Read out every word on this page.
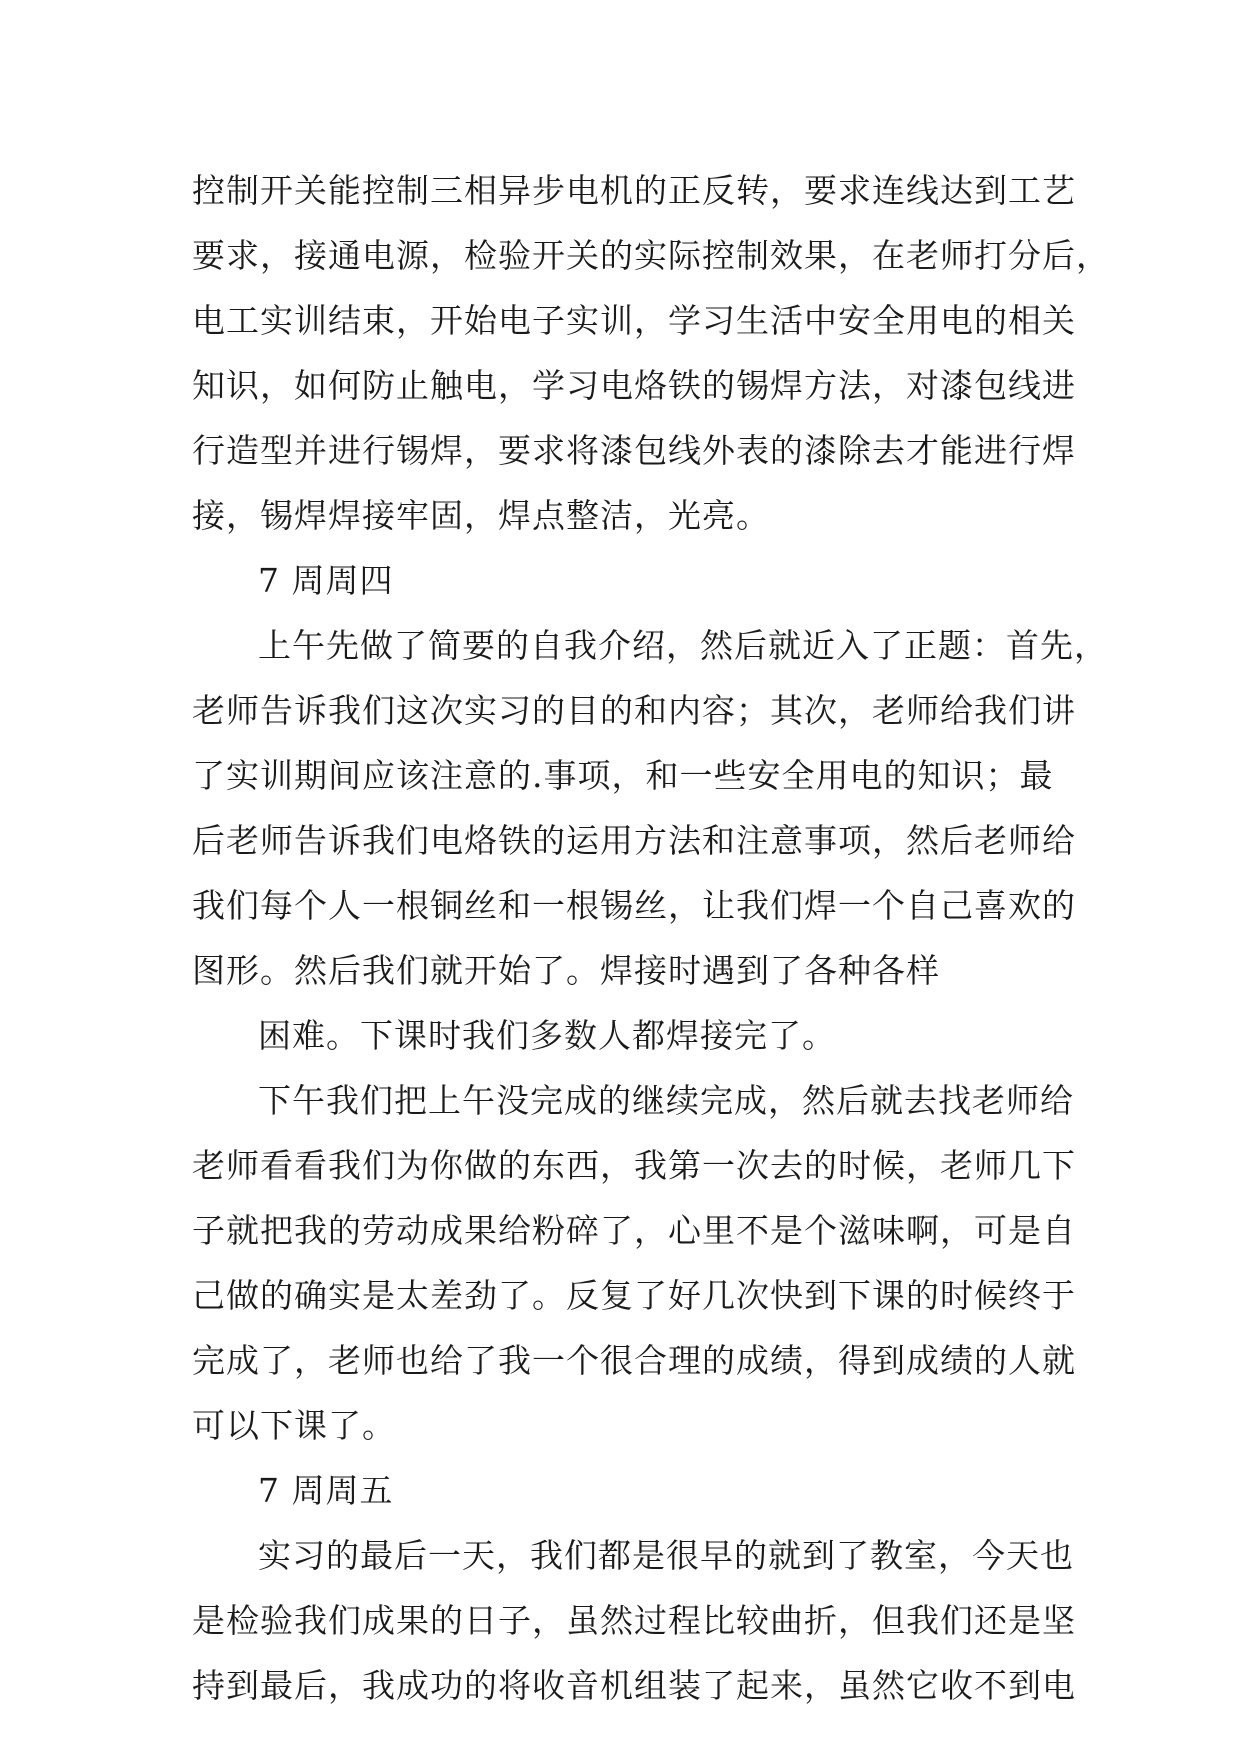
控制开关能控制三相异步电机的正反转，要求连线达到工艺
要求，接通电源，检验开关的实际控制效果，在老师打分后，
电工实训结束，开始电子实训，学习生活中安全用电的相关
知识，如何防止触电，学习电烙铁的锡焊方法，对漆包线进
行造型并进行锡焊，要求将漆包线外表的漆除去才能进行焊
接，锡焊焊接牢固，焊点整洁，光亮。
7 周周四
上午先做了简要的自我介绍，然后就近入了正题：首先，
老师告诉我们这次实习的目的和内容；其次，老师给我们讲
了实训期间应该注意的.事项，和一些安全用电的知识；最
后老师告诉我们电烙铁的运用方法和注意事项，然后老师给
我们每个人一根铜丝和一根锡丝，让我们焊一个自己喜欢的
图形。然后我们就开始了。焊接时遇到了各种各样
困难。下课时我们多数人都焊接完了。
下午我们把上午没完成的继续完成，然后就去找老师给
老师看看我们为你做的东西，我第一次去的时候，老师几下
子就把我的劳动成果给粉碎了，心里不是个滋味啊，可是自
己做的确实是太差劲了。反复了好几次快到下课的时候终于
完成了，老师也给了我一个很合理的成绩，得到成绩的人就
可以下课了。
7 周周五
实习的最后一天，我们都是很早的就到了教室，今天也
是检验我们成果的日子，虽然过程比较曲折，但我们还是坚
持到最后，我成功的将收音机组装了起来，虽然它收不到电
